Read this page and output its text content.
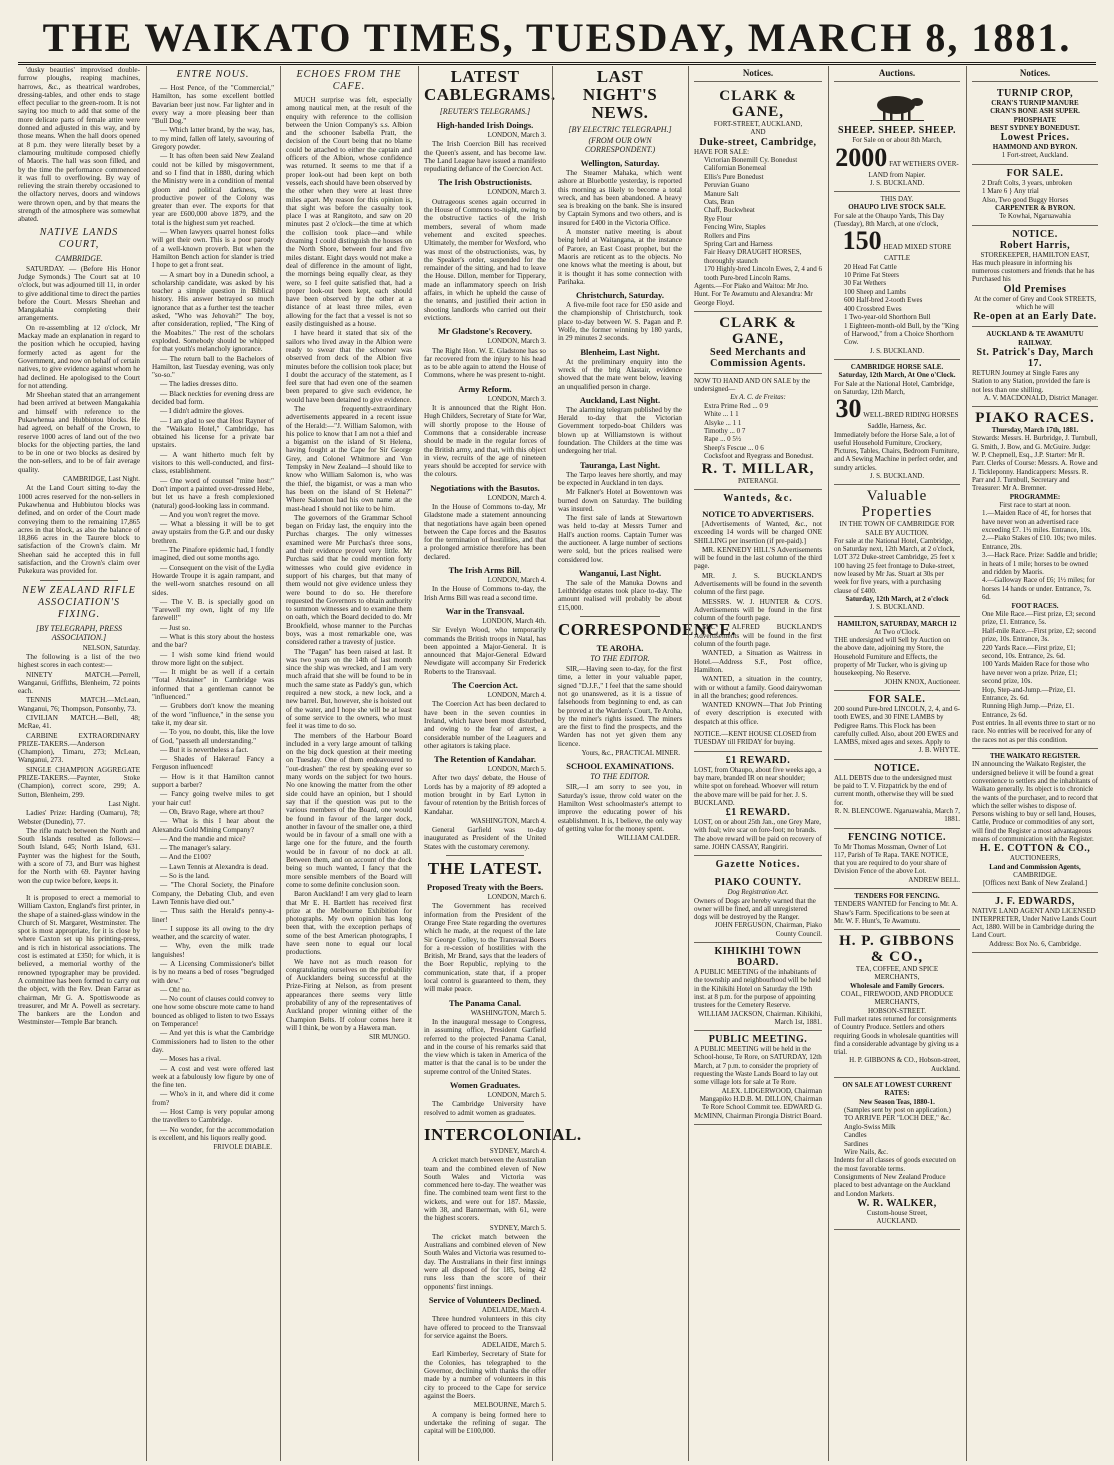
THE WAIKATO TIMES, TUESDAY, MARCH 8, 1881.

'dusky beauties' improvised double-furrow ploughs, reaping machines, harrows, &c., as theatrical wardrobes, dressing-tables, and other ends to stage effect peculiar to the green-room. It is not saying too much to add that some of the more delicate parts of female attire were donned and adjusted in this way, and by those means. When the hall doors opened at 8 p.m. they were literally beset by a clamouring multitude composed chiefly of Maoris. The hall was soon filled, and by the time the performance commenced it was full to overflowing. By way of relieving the strain thereby occasioned to the olfactory nerves, doors and windows were thrown open, and by that means the strength of the atmosphere was somewhat abated.

NATIVE LANDS COURT,
CAMBRIDGE.

SATURDAY. — (Before His Honor Judge Symonds.) The Court sat at 10 o'clock, but was adjourned till 11, in order to give additional time to direct the parties before the Court. Messrs Sheehan and Mangakahia completing their arrangements.

On re-assembling at 12 o'clock, Mr Mackay made an explanation in regard to the position which he occupied, having formerly acted as agent for the Government, and now on behalf of certain natives, to give evidence against whom he had declined. He apologised to the Court for not attending.

Mr Sheehan stated that an arrangement had been arrived at between Mangakahia and himself with reference to the Pukawhenua and Hubbiutou blocks. He had agreed, on behalf of the Crown, to reserve 1000 acres of land out of the two blocks for the objecting parties, the land to be in one or two blocks as desired by the non-sellers, and to be of fair average quality.

CAMBRIDGE, Last Night.

At the Land Court sitting to-day the 1000 acres reserved for the non-sellers in Pukawhenua and Hubbiutou blocks was defined, and on order of the Court made conveying them to the remaining 17,865 acres in that block, as also the balance of 18,866 acres in the Taurere block to satisfaction of the Crown's claim. Mr Sheehan said he accepted this in full satisfaction, and the Crown's claim over Pukekura was provided for.

NEW ZEALAND RIFLE ASSOCIATION'S FIXING.
[BY TELEGRAPH, PRESS ASSOCIATION.]
NELSON, Saturday.

The following is a list of the two highest scores in each contest:—

NINETY MATCH.—Perrell, Wanganui, Griffiths, Blenheim, 72 points each.

TENNIS MATCH.—McLean, Wanganui, 76; Thompson, Ponsonby, 73.

CIVILIAN MATCH.—Bell, 48; McRae, 41.

CARBINE EXTRAORDINARY PRIZE-TAKERS.—Anderson (Champion), Timaru, 273; McLean, Wanganui, 273.

SINGLE CHAMPION AGGREGATE PRIZE-TAKERS.—Paynter, Stoke (Champion), correct score, 299; A. Sutton, Blenheim, 299.

Last Night.

Ladies' Prize: Harding (Oamaru), 78; Webster (Dunedin), 77.

The rifle match between the North and South Islands resulted as follows:— South Island, 645; North Island, 631. Paynter was the highest for the South, with a score of 73, and Burr was highest for the North with 69. Paynter having won the cup twice before, keeps it.

It is proposed to erect a memorial to William Caxton, England's first printer, in the shape of a stained-glass window in the Church of St. Margaret, Westminster. The spot is most appropriate, for it is close by where Caxton set up his printing-press, and is rich in historical associations. The cost is estimated at £350; for which, it is believed, a memorial worthy of the renowned typographer may be provided. A committee has been formed to carry out the object, with the Rev. Dean Farrar as chairman, Mr G. A. Spottiswoode as treasurer, and Mr A. Powell as secretary. The bankers are the London and Westminster—Temple Bar branch.

ENTRE NOUS.

— Host Pence, of the "Commercial," Hamilton, has some excellent bottled Bavarian beer just now. Far lighter and in every way a more pleasing beer than "Bull Dog."

— Which latter brand, by the way, has, to my mind, fallen off lately, savouring of Gregory powder.

— It has often been said New Zealand could not be killed by misgovernment, and so I find that in 1880, during which the Ministry were in a condition of mental gloom and political darkness, the productive power of the Colony was greater than ever. The exports for that year are £600,000 above 1879, and the total is the highest sum yet reached.

— When lawyers quarrel honest folks will get their own. This is a poor parody of a well-known proverb. But when the Hamilton Bench action for slander is tried I hope to get a front seat.

— A smart boy in a Dunedin school, a scholarship candidate, was asked by his teacher a simple question in Biblical history. His answer betrayed so much ignorance that as a further test the teacher asked, "Who was Jehovah?" The boy, after consideration, replied, "The King of the Moabites." The rest of the scholars exploded. Somebody should be whipped for that youth's melancholy ignorance.

— The return ball to the Bachelors of Hamilton, last Tuesday evening, was only "so-so."

— The ladies dresses ditto.

— Black neckties for evening dress are decided bad form.

— I didn't admire the gloves.

— I am glad to see that Host Rayner of the "Waikato Hotel," Cambridge, has obtained his license for a private bar upstairs.

— A want hitherto much felt by visitors to this well-conducted, and first-class, establishment.

— One word of counsel "mine host:" Don't import a painted over-dressed Hebe, but let us have a fresh complexioned (natural) good-looking lass in command.

— And you won't regret the move.

— What a blessing it will be to get away upstairs from the G.P. and our dusky brethren.

— The Pinafore epidemic had, I fondly imagined, died out some months ago.

— Consequent on the visit of the Lydia Howarde Troupe it is again rampant, and the well-worn snatches resound on all sides.

— The V. B. is specially good on "Farewell my own, light of my life farewell!"

— Just so.

— What is this story about the hostess and the bar?

— I wish some kind friend would throw more light on the subject.

— It might be as well if a certain "Total Abstainer" in Cambridge was informed that a gentleman cannot be "influenced."

— Grubbers don't know the meaning of the word "influence," in the sense you take it, my dear sir.

— To you, no doubt, this, like the love of God, "passeth all understanding."

— But it is nevertheless a fact.

— Shades of Hakerau! Fancy a Ferguson influenced!

— How is it that Hamilton cannot support a barber?

— Fancy going twelve miles to get your hair cut!

— Oh, Bravo Rage, where art thou?

— What is this I hear about the Alexandra Gold Mining Company?

— And the mandie and mice?

— The manager's salary.

— And the £100?

— Lawn Tennis at Alexandra is dead.

— So is the land.

— "The Choral Society, the Pinafore Company, the Debating Club, and even Lawn Tennis have died out."

— Thus saith the Herald's penny-a-liner!

— I suppose its all owing to the dry weather, and the scarcity of water.

— Why, even the milk trade languishes!

— A Licensing Commissioner's billet is by no means a bed of roses "begrudged with dew."

— Oh! no.

— No count of clauses could convey to one how some obscure mote came to hand bounced as obliged to listen to two Essays on Temperance!

— And yet this is what the Cambridge Commissioners had to listen to the other day.

— Moses has a rival.

— A cost and vest were offered last week at a fabulously low figure by one of the fine ten.

— Who's in it, and where did it come from?

— Host Camp is very popular among the travellers to Cambridge.

— No wonder, for the accommodation is excellent, and his liquors really good.

FRIVOLE DIABLE.
ECHOES FROM THE CAFE.

MUCH surprise was felt, especially among nautical men, at the result of the enquiry with reference to the collision between the Union Company's s.s. Albion and the schooner Isabella Pratt, the decision of the Court being that no blame could be attached to either the captain and officers of the Albion, whose confidence was returned. It seems to me that if a proper look-out had been kept on both vessels, each should have been observed by the other when they were at least three miles apart. My reason for this opinion is, that sight was before the casualty took place I was at Rangitoto, and saw on 20 minutes past 2 o'clock—the time at which the collision took place—and while dreaming I could distinguish the houses on the North Shore, between four and five miles distant. Eight days would not make a deal of difference in the amount of light, the mornings being equally clear, as they were, so I feel quite satisfied that, had a proper look-out been kept, each should have been observed by the other at a distance of at least three miles, even allowing for the fact that a vessel is not so easily distinguished as a house.

I have heard it stated that six of the sailors who lived away in the Albion were ready to swear that the schooner was observed from deck of the Albion five minutes before the collision took place; but I doubt the accuracy of the statement, as I feel sure that had even one of the seamen been prepared to give such evidence, he would have been detained to give evidence.

The frequently-extraordinary advertisements appeared in a recent issue of the Herald:—"J. William Salomon, with his police to know that I am not a thief and a bigamist on the island of St Helena, having fought at the Cape for Sir George Grey, and Colonel Whitmore and Von Tempsky in New Zealand—I should like to know who William Salomon is, who was the thief, the bigamist, or was a man who has been on the island of St Helena?" Where Salomon had his own name at the mast-head I should not like to be him.

The governors of the Grammar School began on Friday last, the enquiry into the Purchas charges. The only witnesses examined were Mr Purchas's three sons, and their evidence proved very little. Mr Purchas said that he could mention forty witnesses who could give evidence in support of his charges, but that many of them would not give evidence unless they were bound to do so. He therefore requested the Governors to obtain authority to summon witnesses and to examine them on oath, which the Board decided to do. Mr Brookfield, whose manner to the Purchas boys, was a most remarkable one, was considered rather a travesty of justice.

The "Pagan" has been raised at last. It was two years on the 14th of last month since the ship was wrecked, and I am very much afraid that she will be found to be in much the same state as Paddy's gun, which required a new stock, a new lock, and a new barrel. But, however, she is hoisted out of the water, and I hope she will be at least of some service to the owners, who must feel it was time to do so.

The members of the Harbour Board included in a very large amount of talking on the big dock question at their meeting on Tuesday. One of them endeavoured to "out-drashen" the rest by speaking ever so many words on the subject for two hours. No one knowing the matter from the other side could have an opinion, but I should say that if the question was put to the various members of the Board, one would be found in favour of the larger dock, another in favour of the smaller one, a third would be in favour of a small one with a large one for the future, and the fourth would be in favour of no dock at all. Between them, and on account of the dock being so much wanted, I fancy that the more sensible members of the Board will come to some definite conclusion soon.

Baron Auckland! I am very glad to learn that Mr E. H. Bartlett has received first prize at the Melbourne Exhibition for photographs. My own opinion has long been that, with the exception perhaps of some of the best American photographs, I have seen none to equal our local productions.

We have not as much reason for congratulating ourselves on the probability of Aucklanders being successful at the Prize-Firing at Nelson, as from present appearances there seems very little probability of any of the representatives of Auckland proper winning either of the Champion Belts. If colour comes here it will I think, be won by a Hawera man.

SIR MUNGO.
LATEST CABLEGRAMS.
[REUTER'S TELEGRAMS.]
High-handed Irish Doings.
LONDON, March 3.

The Irish Coercion Bill has received the Queen's assent, and has become law. The Land League have issued a manifesto repudiating defiance of the Coercion Act.

The Irish Obstructionists.
LONDON, March 3.

Outrageous scenes again occurred in the House of Commons to-night, owing to the obstructive tactics of the Irish members, several of whom made vehement and excited speeches. Ultimately, the member for Wexford, who was most of the obstructionists, was, by the Speaker's order, suspended for the remainder of the sitting, and had to leave the House. Dillon, member for Tipperary, made an inflammatory speech on Irish affairs, in which he upheld the cause of the tenants, and justified their action in shooting landlords who carried out their evictions.

Mr Gladstone's Recovery.
LONDON, March 3.

The Right Hon. W. E. Gladstone has so far recovered from the injury to his head as to be able again to attend the House of Commons, where he was present to-night.

Army Reform.
LONDON, March 3.

It is announced that the Right Hon. Hugh Childers, Secretary of State for War, will shortly propose to the House of Commons that a considerable increase should be made in the regular forces of the British army, and that, with this object in view, recruits of the age of nineteen years should be accepted for service with the colours.

Negotiations with the Basutos.
LONDON, March 4.

In the House of Commons to-day, Mr Gladstone made a statement announcing that negotiations have again been opened between the Cape forces and the Basutos for the termination of hostilities, and that a prolonged armistice therefore has been declared.

The Irish Arms Bill.
LONDON, March 4.

In the House of Commons to-day, the Irish Arms Bill was read a second time.

War in the Transvaal.
LONDON, March 4th.

Sir Evelyn Wood, who temporarily commands the British troops in Natal, has been appointed a Major-General. It is announced that Major-General Edward Newdigate will accompany Sir Frederick Roberts to the Transvaal.

The Coercion Act.
LONDON, March 4.

The Coercion Act has been declared to have been in the seven counties in Ireland, which have been most disturbed, and owing to the fear of arrest, a considerable number of the Leaguers and other agitators is taking place.

The Retention of Kandahar.
LONDON, March 5.

After two days' debate, the House of Lords has by a majority of 89 adopted a motion brought in by Earl Lytton in favour of retention by the British forces of Kandahar.

WASHINGTON, March 4.

General Garfield was to-day inaugurated as President of the United States with the customary ceremony.

THE LATEST.
Proposed Treaty with the Boers.
LONDON, March 6.

The Government has received information from the President of the Orange Free State regarding the overtures which he made, at the request of the late Sir George Colley, to the Transvaal Boers for a re-cession of hostilities with the British, Mr Brand, says that the leaders of the Boer Republic, replying to the communication, state that, if a proper local control is guaranteed to them, they will make peace.

The Panama Canal.
WASHINGTON, March 5.

In the inaugural message to Congress, in assuming office, President Garfield referred to the projected Panama Canal, and in the course of his remarks said that the view which is taken in America of the matter is that the canal is to be under the supreme control of the United States.

Women Graduates.
LONDON, March 5.

The Cambridge University have resolved to admit women as graduates.

INTERCOLONIAL.
SYDNEY, March 4.

A cricket match between the Australian team and the combined eleven of New South Wales and Victoria was commenced here to-day. The weather was fine. The combined team went first to the wickets, and were out for 187. Massie, with 38, and Bannerman, with 61, were the highest scorers.

SYDNEY, March 5.

The cricket match between the Australians and combined eleven of New South Wales and Victoria was resumed to-day. The Australians in their first innings were all disposed of for 185, being 42 runs less than the score of their opponents' first innings.

Service of Volunteers Declined.
ADELAIDE, March 4.

Three hundred volunteers in this city have offered to proceed to the Transvaal for service against the Boers.

ADELAIDE, March 5.

Earl Kimberley, Secretary of State for the Colonies, has telegraphed to the Governor, declining with thanks the offer made by a number of volunteers in this city to proceed to the Cape for service against the Boers.

MELBOURNE, March 5.

A company is being formed here to undertake the refining of sugar. The capital will be £100,000.

LAST NIGHT'S NEWS.
[BY ELECTRIC TELEGRAPH.]
(FROM OUR OWN CORRESPONDENT.)
Wellington, Saturday.

The Steamer Mahaka, which went ashore at Bluebottle yesterday, is reported this morning as likely to become a total wreck, and has been abandoned. A heavy sea is breaking on the bank. She is insured by Captain Symons and two others, and is insured for £400 in the Victoria Office.

A monster native meeting is about being held at Waitangana, at the instance of Parore, an East Coast prophet, but the Maoris are reticent as to the objects. No one knows what the meeting is about, but it is thought it has some connection with Parihaka.

Christchurch, Saturday.

A five-mile foot race for £50 aside and the championship of Christchurch, took place to-day between W. S. Pagan and P. Wolfe, the former winning by 180 yards, in 29 minutes 2 seconds.

Blenheim, Last Night.

At the preliminary enquiry into the wreck of the brig Alastair, evidence showed that the mate went below, leaving an unqualified person in charge.

Auckland, Last Night.

The alarming telegram published by the Herald to-day that the Victorian Government torpedo-boat Childers was blown up at Williamstown is without foundation. The Childers at the time was undergoing her trial.

Tauranga, Last Night.

The Tarpo leaves here shortly, and may be expected in Auckland in ten days.

Mr Falkner's Hotel at Bowentown was burned down on Saturday. The building was insured.

The first sale of lands at Stewartown was held to-day at Messrs Turner and Hall's auction rooms. Captain Turner was the auctioneer. A large number of sections were sold, but the prices realised were considered low.

Wanganui, Last Night.

The sale of the Manuka Downs and Leithbridge estates took place to-day. The amount realised will probably be about £15,000.

CORRESPONDENCE.
TE AROHA.
TO THE EDITOR.

SIR,—Having seen to-day, for the first time, a letter in your valuable paper, signed "D.J.F.," I feel that the same should not go unanswered, as it is a tissue of falsehoods from beginning to end, as can be proved at the Warden's Court, Te Aroha, by the miner's rights issued. The miners are the first to find the prospects, and the Warden has not yet given them any licence.

Yours, &c., PRACTICAL MINER.
SCHOOL EXAMINATIONS.
TO THE EDITOR.

SIR,—I am sorry to see you, in Saturday's issue, throw cold water on the Hamilton West schoolmaster's attempt to improve the educating power of his establishment. It is, I believe, the only way of getting value for the money spent.

WILLIAM CALDER.
Notices.
CLARK & GANE,
FORT-STREET, AUCKLAND,
AND
Duke-street, Cambridge,
HAVE FOR SALE:
Victorian Bonemill Cy. Bonedust
Californian Bonemeal
Ellis's Pure Bonedust
Peruvian Guano
Manure Salt
Oats, Bran
Chaff, Buckwheat
Rye Flour
Fencing Wire, Staples
Rollers and Pins
Spring Cart and Harness
Fair Heavy DRAUGHT HORSES, thoroughly staunch
170 Highly-bred Lincoln Ewes, 2, 4 and 6 tooth Pure-bred Lincoln Rams.
Agents.—For Piako and Waitoa: Mr Jno. Hunt. For Te Awamutu and Alexandra: Mr George Floyd.
CLARK & GANE,
Seed Merchants and Commission Agents.
NOW TO HAND AND ON SALE by the undersigned—
Ex A. C. de Freitas:
Extra Prime Red ... 0 9
White ... 1 1
Alsyke ... 1 1
Timothy ... 0 7
Rape ... 0 5½
Sheep's Fescue ... 0 6
Cocksfoot and Ryegrass and Bonedust.
R. T. MILLAR,
PATERANGI.
Wanteds, &c.
NOTICE TO ADVERTISERS.

[Advertisements of Wanted, &c., not exceeding 14 words will be charged ONE SHILLING per insertion (if pre-paid).]

MR. KENNEDY HILL'S Advertisements will be found in the last column of the third page.

MR. J. S. BUCKLAND'S Advertisements will be found in the seventh column of the first page.

MESSRS. W. J. HUNTER & CO'S. Advertisements will be found in the first column of the fourth page.

MR. ALFRED BUCKLAND'S Advertisements will be found in the first column of the fourth page.

WANTED, a Situation as Waitress in Hotel.—Address S.F., Post office, Hamilton.

WANTED, a situation in the country, with or without a family. Good dairywoman in all the branches; good references.

WANTED KNOWN—That Job Printing of every description is executed with despatch at this office.

NOTICE.—KENT HOUSE CLOSED from TUESDAY till FRIDAY for buying.
£1 REWARD.
LOST, from Ohaupo, about five weeks ago, a bay mare, branded IR on near shoulder; white spot on forehead. Whoever will return the above mare will be paid for her. J. S. BUCKLAND.
£1 REWARD.
LOST, on or about 25th Jan., one Grey Mare, with foal; wire scar on fore-foot; no brands. The above reward will be paid on recovery of same. JOHN CASSAY, Rangiriri.
Gazette Notices.
PIAKO COUNTY.
Dog Registration Act.
Owners of Dogs are hereby warned that the owner will be fined, and all unregistered dogs will be destroyed by the Ranger.
JOHN FERGUSON, Chairman, Piako County Council.
KIHIKIHI TOWN BOARD.
A PUBLIC MEETING of the inhabitants of the township and neighbourhood will be held in the Kihikihi Hotel on Saturday the 19th inst. at 8 p.m. for the purpose of appointing trustees for the Cemetery Reserve.
WILLIAM JACKSON, Chairman. Kihikihi, March 1st, 1881.
PUBLIC MEETING.
A PUBLIC MEETING will be held in the School-house, Te Rore, on SATURDAY, 12th March, at 7 p.m. to consider the propriety of requesting the Waste Lands Board to lay out some village lots for sale at Te Rore.
ALEX. LIDGERWOOD, Chairman Mangapiko H.D.B. M. DILLON, Chairman Te Rore School Commit tee. EDWARD G. McMINN, Chairman Pirongia District Board.
Auctions.
SHEEP. SHEEP. SHEEP.
For Sale on or about 8th March,
2000 FAT WETHERS OVER-LAND from Napier.
J. S. BUCKLAND.
THIS DAY.
OHAUPO LIVE STOCK SALE.
For sale at the Ohaupo Yards, This Day (Tuesday), 8th March, at one o'clock,
150 HEAD MIXED STORE CATTLE
20 Head Fat Cattle
10 Prime Fat Steers
30 Fat Wethers
100 Sheep and Lambs
600 Half-bred 2-tooth Ewes
400 Crossbred Ewes
1 Two-year-old Shorthorn Bull
1 Eighteen-month-old Bull, by the "King of Harwood," from a Choice Shorthorn Cow.
J. S. BUCKLAND.
CAMBRIDGE HORSE SALE.
Saturday, 12th March, At One o'Clock.
For Sale at the National Hotel, Cambridge, on Saturday, 12th March,
30 WELL-BRED RIDING HORSES Saddle, Harness, &c.
Immediately before the Horse Sale, a lot of useful Household Furniture, Crockery, Pictures, Tables, Chairs, Bedroom Furniture, and A Sewing Machine in perfect order, and sundry articles.
J. S. BUCKLAND.
Valuable Properties
IN THE TOWN OF CAMBRIDGE FOR SALE BY AUCTION.
For sale at the National Hotel, Cambridge, on Saturday next, 12th March, at 2 o'clock, LOT 372 Duke-street Cambridge, 25 feet x 100 having 25 feet frontage to Duke-street, now leased by Mr Jas. Stuart at 30s per week for five years, with a purchasing clause of £400.
Saturday, 12th March, at 2 o'clock
J. S. BUCKLAND.
HAMILTON, SATURDAY, MARCH 12
At Two o'Clock.
THE undersigned will Sell by Auction on the above date, adjoining my Store, the Household Furniture and Effects, the property of Mr Tucker, who is giving up housekeeping. No Reserve.
JOHN KNOX, Auctioneer.
FOR SALE.
200 sound Pure-bred LINCOLN, 2, 4, and 6-tooth EWES, and 30 FINE LAMBS by Pedigree Rams. This Flock has been carefully culled. Also, about 200 EWES and LAMBS, mixed ages and sexes. Apply to
J. B. WHYTE.
NOTICE.
ALL DEBTS due to the undersigned must be paid to T. V. Fitzpatrick by the end of current month, otherwise they will be sued for.
R. N. BLENCOWE. Ngaruawahia, March 7, 1881.
FENCING NOTICE.
To Mr Thomas Mossman, Owner of Lot 117, Parish of Te Rapa. TAKE NOTICE, that you are required to do your share of Division Fence of the above Lot.
ANDREW BELL.
TENDERS FOR FENCING.
TENDERS WANTED for Fencing to Mr. A. Shaw's Farm. Specifications to be seen at Mr. W. F. Hunt's, Te Awamutu.
H. P. GIBBONS & CO.,
TEA, COFFEE, AND SPICE MERCHANTS,
Wholesale and Family Grocers.
COAL, FIREWOOD, AND PRODUCE MERCHANTS,
HOBSON-STREET.
Full market rates returned for consignments of Country Produce. Settlers and others requiring Goods in wholesale quantities will find a considerable advantage by giving us a trial.
H. P. GIBBONS & CO., Hobson-street, Auckland.
ON SALE AT LOWEST CURRENT RATES:
New Season Teas, 1880-1.
(Samples sent by post on application.)
TO ARRIVE PER "LOCH DEE," &c.
Anglo-Swiss Milk
Candles
Sardines
Wire Nails, &c.
Indents for all classes of goods executed on the most favorable terms.
Consignments of New Zealand Produce placed to best advantage on the Auckland and London Markets.
W. R. WALKER,
Custom-house Street,
AUCKLAND.
Notices.
TURNIP CROP,
CRAN'S TURNIP MANURE
CRAN'S BONE ASH SUPER. PHOSPHATE
BEST SYDNEY BONEDUST.
Lowest Prices.
HAMMOND AND BYRON.
1 Fort-street, Auckland.
FOR SALE.
2 Draft Colts, 3 years, unbroken
1 Mare 6 } Any trial
Also, Two good Buggy Horses
CARPENTER & BYRON.
Te Kowhai, Ngaruawahia
NOTICE.
Robert Harris,
STOREKEEPER, HAMILTON EAST,
Has much pleasure in informing his numerous customers and friends that he has Purchased his
Old Premises
At the corner of Grey and Cook STREETS, which he will
Re-open at an Early Date.
AUCKLAND & TE AWAMUTU RAILWAY.
St. Patrick's Day, March 17.
RETURN Journey at Single Fares any Station to any Station, provided the fare is not less than one shilling.
A. V. MACDONALD, District Manager.
PIAKO RACES.
Thursday, March 17th, 1881.
Stewards: Messrs. H. Burbridge, J. Turnbull, G. Smith, J. Bow, and G. McGuire. Judge: W. P. Chepmell, Esq., J.P. Starter: Mr R. Parr. Clerks of Course: Messrs. A. Rowe and J. Tickleponny. Handicappers: Messrs. R. Parr and J. Turnbull, Secretary and Treasurer: Mr A. Bremner.
PROGRAMME:
First race to start at noon.
1.—Maiden Race of 4£, for horses that have never won an advertised race exceeding £7. 1½ miles. Entrance, 10s.
2.—Piako Stakes of £10. 10s; two miles. Entrance, 20s.
3.—Hack Race. Prize: Saddle and bridle; in heats of 1 mile; horses to be owned and ridden by Maoris.
4.—Galloway Race of £6; 1½ miles; for horses 14 hands or under. Entrance, 7s. 6d.
FOOT RACES.
One Mile Race.—First prize, £3; second prize, £1. Entrance, 5s.
Half-mile Race.—First prize, £2; second prize, 10s. Entrance, 3s.
220 Yards Race.—First prize, £1; second, 10s. Entrance, 2s. 6d.
100 Yards Maiden Race for those who have never won a prize. Prize, £1; second prize, 10s.
Hop, Step-and-Jump.—Prize, £1. Entrance, 2s. 6d.
Running High Jump.—Prize, £1. Entrance, 2s 6d.
Post entries. In all events three to start or no race. No entries will be received for any of the races not as per this condition.
THE WAIKATO REGISTER.
IN announcing the Waikato Register, the undersigned believe it will be found a great convenience to settlers and the inhabitants of Waikato generally. Its object is to chronicle the wants of the purchaser, and to record that which the seller wishes to dispose of.
Persons wishing to buy or sell land, Houses, Cattle, Produce or commodities of any sort, will find the Register a most advantageous means of communication with the Register.
H. E. COTTON & CO.,
AUCTIONEERS,
Land and Commission Agents,
CAMBRIDGE.
[Offices next Bank of New Zealand.]
J. F. EDWARDS,
NATIVE LAND AGENT AND LICENSED INTERPRETER, Under Native Lands Court Act, 1880. Will be in Cambridge during the Land Court.
Address: Box No. 6, Cambridge.
